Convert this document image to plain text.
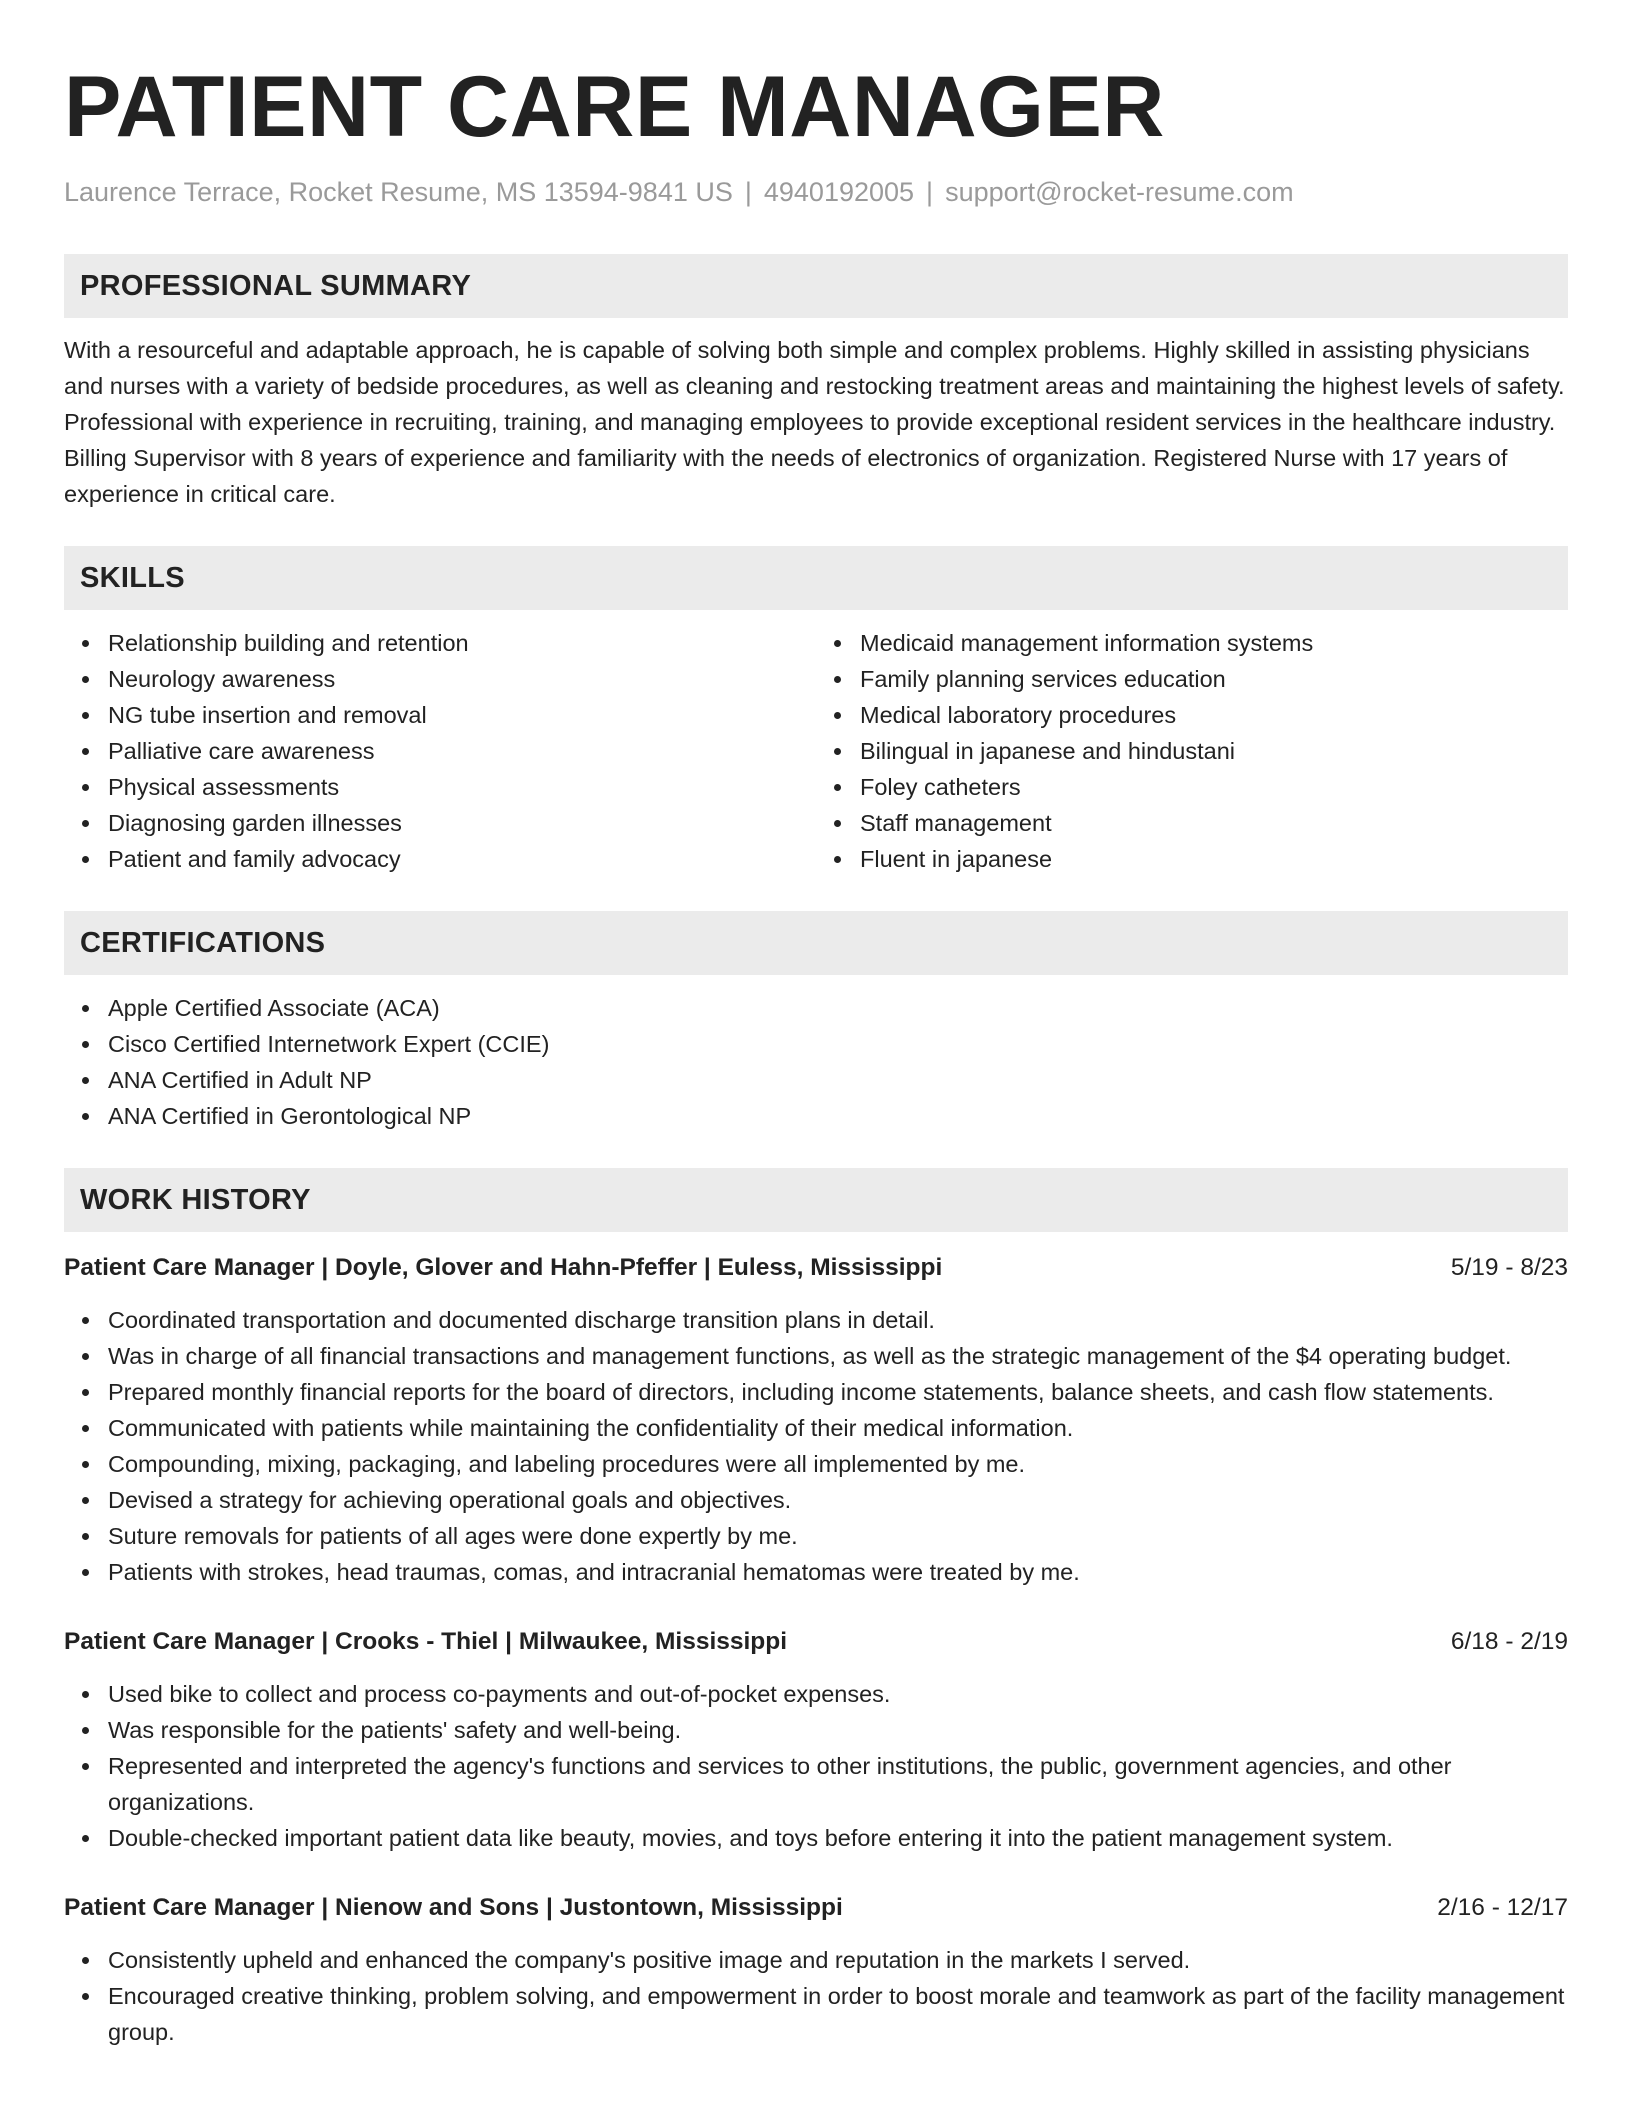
PATIENT CARE MANAGER
Laurence Terrace, Rocket Resume, MS 13594-9841 US | 4940192005 | support@rocket-resume.com
PROFESSIONAL SUMMARY
With a resourceful and adaptable approach, he is capable of solving both simple and complex problems. Highly skilled in assisting physicians and nurses with a variety of bedside procedures, as well as cleaning and restocking treatment areas and maintaining the highest levels of safety. Professional with experience in recruiting, training, and managing employees to provide exceptional resident services in the healthcare industry. Billing Supervisor with 8 years of experience and familiarity with the needs of electronics of organization. Registered Nurse with 17 years of experience in critical care.
SKILLS
Relationship building and retention
Neurology awareness
NG tube insertion and removal
Palliative care awareness
Physical assessments
Diagnosing garden illnesses
Patient and family advocacy
Medicaid management information systems
Family planning services education
Medical laboratory procedures
Bilingual in japanese and hindustani
Foley catheters
Staff management
Fluent in japanese
CERTIFICATIONS
Apple Certified Associate (ACA)
Cisco Certified Internetwork Expert (CCIE)
ANA Certified in Adult NP
ANA Certified in Gerontological NP
WORK HISTORY
Patient Care Manager | Doyle, Glover and Hahn-Pfeffer | Euless, Mississippi	5/19 - 8/23
Coordinated transportation and documented discharge transition plans in detail.
Was in charge of all financial transactions and management functions, as well as the strategic management of the $4 operating budget.
Prepared monthly financial reports for the board of directors, including income statements, balance sheets, and cash flow statements.
Communicated with patients while maintaining the confidentiality of their medical information.
Compounding, mixing, packaging, and labeling procedures were all implemented by me.
Devised a strategy for achieving operational goals and objectives.
Suture removals for patients of all ages were done expertly by me.
Patients with strokes, head traumas, comas, and intracranial hematomas were treated by me.
Patient Care Manager | Crooks - Thiel | Milwaukee, Mississippi	6/18 - 2/19
Used bike to collect and process co-payments and out-of-pocket expenses.
Was responsible for the patients' safety and well-being.
Represented and interpreted the agency's functions and services to other institutions, the public, government agencies, and other organizations.
Double-checked important patient data like beauty, movies, and toys before entering it into the patient management system.
Patient Care Manager | Nienow and Sons | Justontown, Mississippi	2/16 - 12/17
Consistently upheld and enhanced the company's positive image and reputation in the markets I served.
Encouraged creative thinking, problem solving, and empowerment in order to boost morale and teamwork as part of the facility management group.
